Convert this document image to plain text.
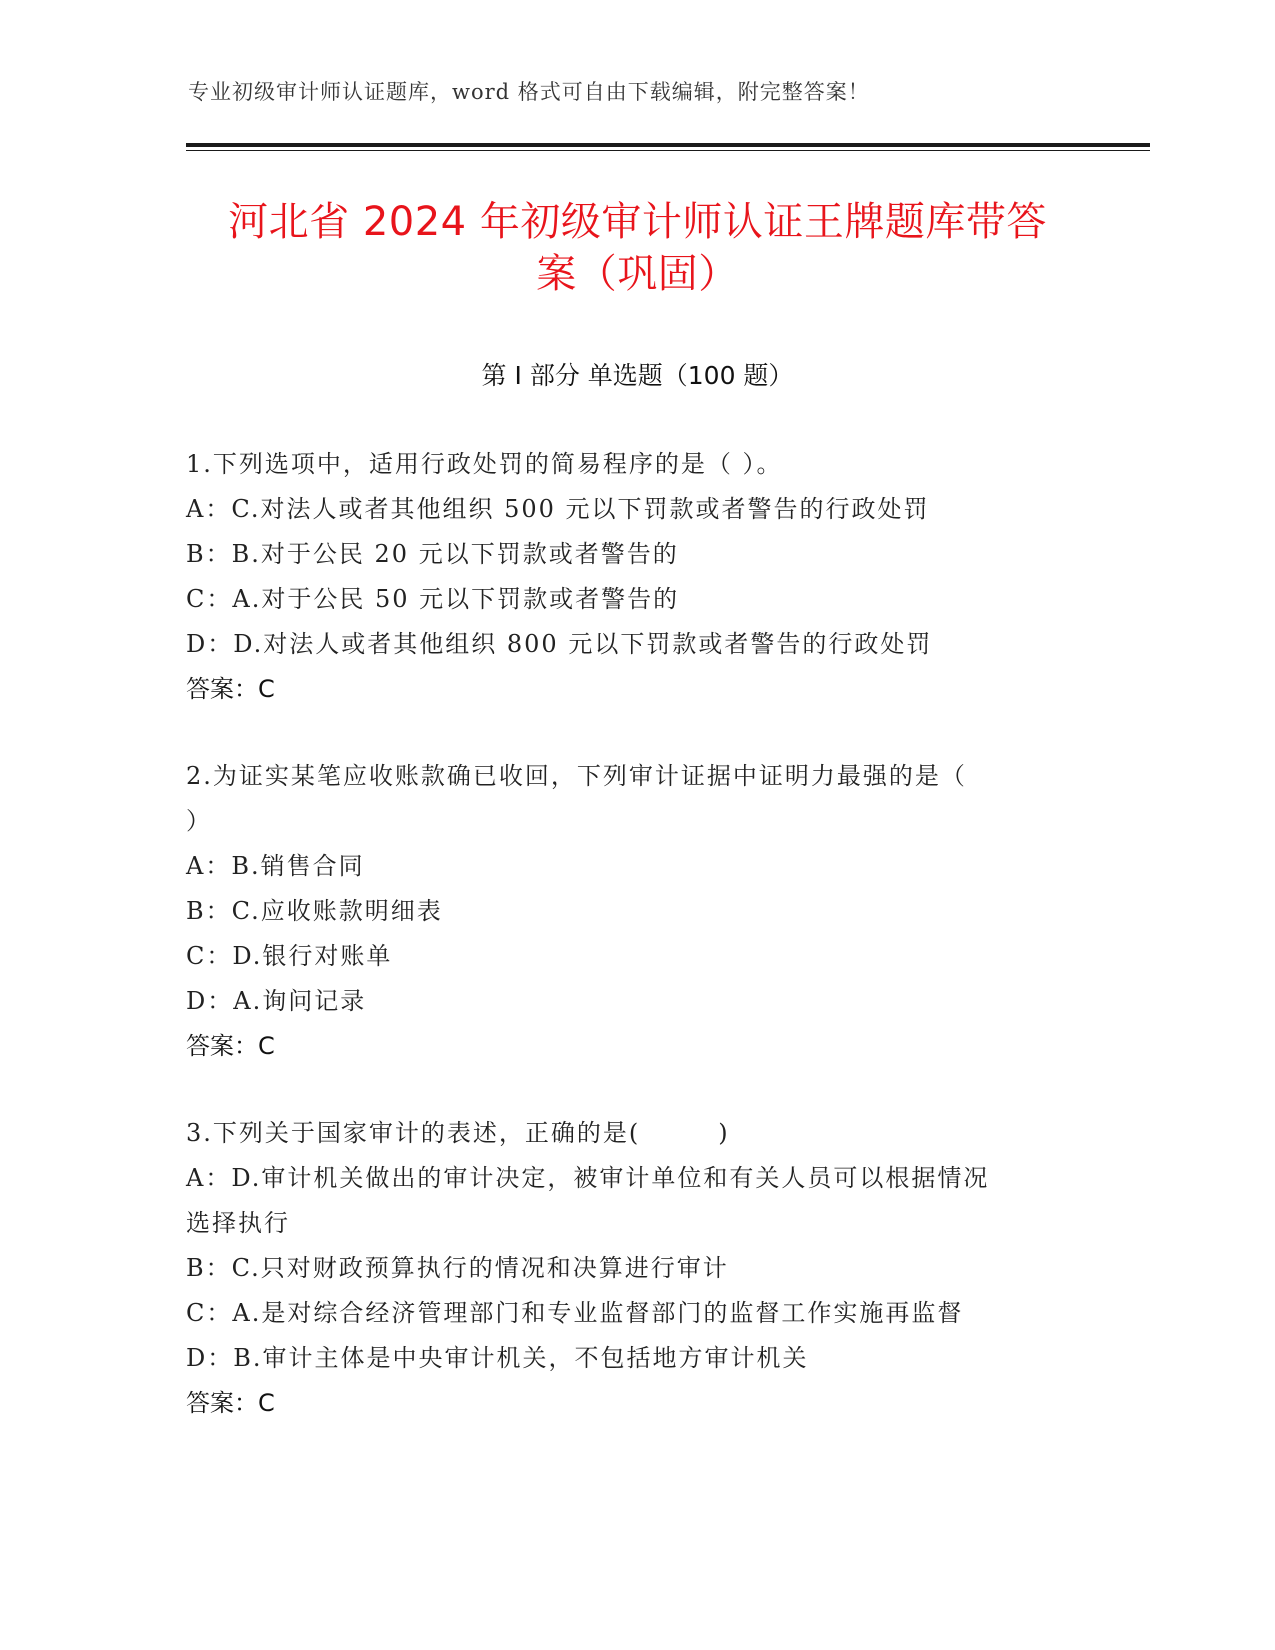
专业初级审计师认证题库，word 格式可自由下载编辑，附完整答案！
河北省 2024 年初级审计师认证王牌题库带答
案（巩固）
第 I 部分 单选题（100 题）
1.下列选项中，适用行政处罚的简易程序的是（ ）。
A：C.对法人或者其他组织 500 元以下罚款或者警告的行政处罚
B：B.对于公民 20 元以下罚款或者警告的
C：A.对于公民 50 元以下罚款或者警告的
D：D.对法人或者其他组织 800 元以下罚款或者警告的行政处罚
答案：C
2.为证实某笔应收账款确已收回，下列审计证据中证明力最强的是（
）
A：B.销售合同
B：C.应收账款明细表
C：D.银行对账单
D：A.询问记录
答案：C
3.下列关于国家审计的表述，正确的是(　　　)
A：D.审计机关做出的审计决定，被审计单位和有关人员可以根据情况
选择执行
B：C.只对财政预算执行的情况和决算进行审计
C：A.是对综合经济管理部门和专业监督部门的监督工作实施再监督
D：B.审计主体是中央审计机关，不包括地方审计机关
答案：C
